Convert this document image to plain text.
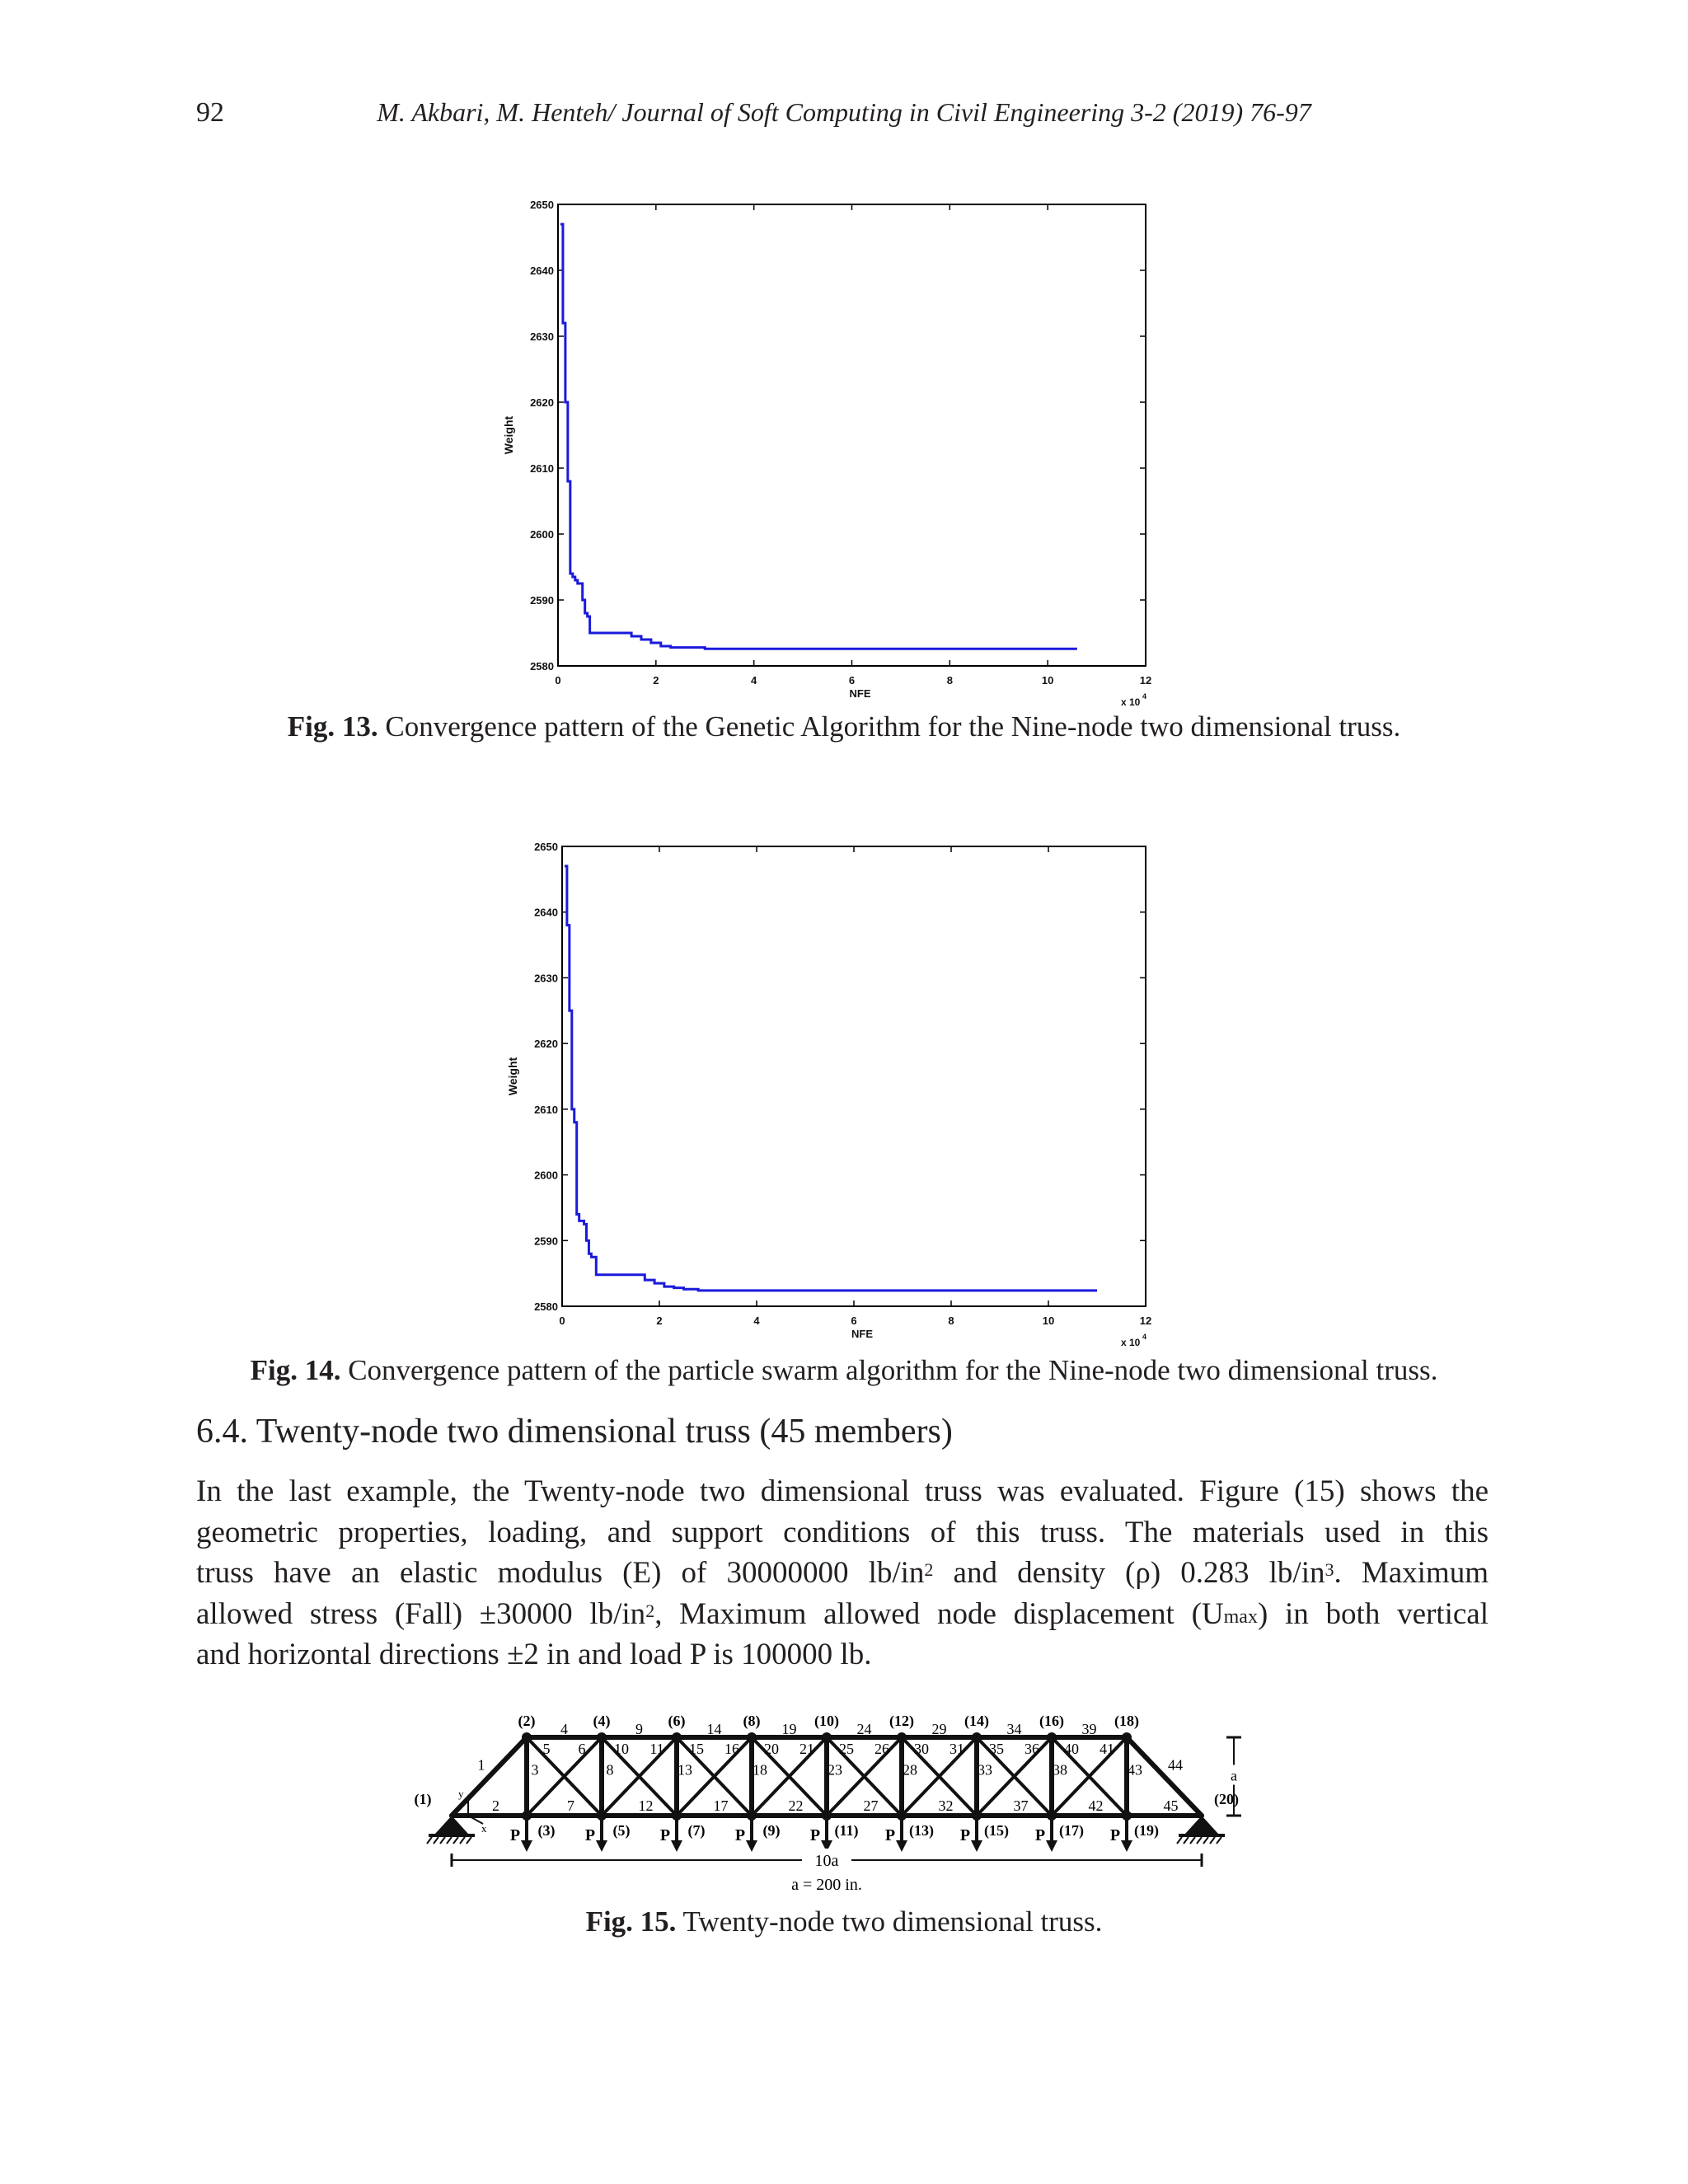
92	M. Akbari, M. Henteh/ Journal of Soft Computing in Civil Engineering 3-2 (2019) 76-97
0	2	4	6	8	10	12
2580
2590
2600
2610
2620
2630
2640
2650
NFE
Weight
x 10 4
Fig. 13. Convergence pattern of the Genetic Algorithm for the Nine-node two dimensional truss.
0	2	4	6	8	10	12
2580
2590
2600
2610
2620
2630
2640
2650
NFE
Weight
x 10 4
Fig. 14. Convergence pattern of the particle swarm algorithm for the Nine-node two dimensional truss.
6.4. Twenty-node two dimensional truss (45 members)
In the last example, the Twenty-node two dimensional truss was evaluated. Figure (15) shows the
geometric properties, loading, and support conditions of this truss. The materials used in this
truss have an elastic modulus (E) of 30000000 $lb/in^2$ and density (ρ) 0.283 $lb/in^3$. Maximum
allowed stress (Fall) ±30000 $lb/in^2$, Maximum allowed node displacement $(U_{max})$ in both vertical
and horizontal directions ±2 in and load P is 100000 lb.
y
x
(2)	(4)	(6)	(8)	(10)	(12)	(14)	(16)	(18)
(3)	(5)	(7)	(9)	(11)	(13)	(15)	(17)	(19)
(1)	(20)
4	9	14	19	24	29	34	39
2	7	12	17	22	27	32	37	42	45
3	8	13	18	23	28	33	38	43
5	10	15	20	25	30	35	40
6	11	16	21	26	31	36	41
1	44
P	P	P	P	P	P	P	P	P
10a
a
a = 200 in.
Fig. 15. Twenty-node two dimensional truss.
